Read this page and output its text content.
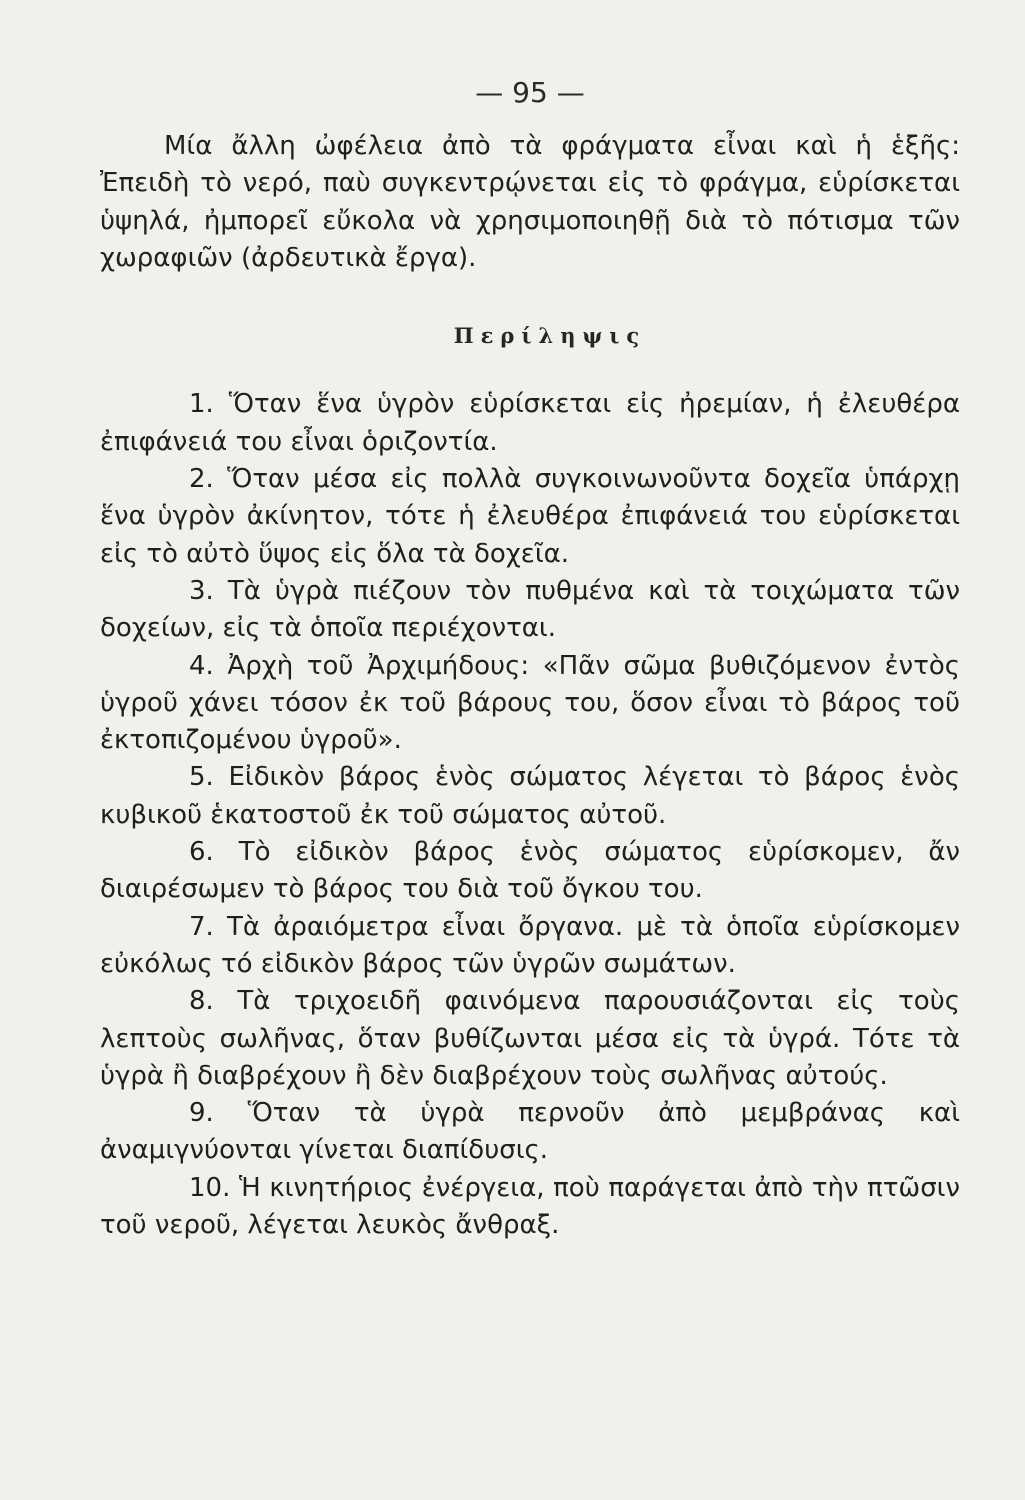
— 95 —

Μία ἄλλη ὠφέλεια ἀπὸ τὰ φράγματα εἶναι καὶ ἡ ἑξῆς: Ἐπειδὴ τὸ νερό, παὺ συγκεντρῴνεται εἰς τὸ φράγμα, εὑρίσκεται ὑψηλά, ἠμπορεῖ εὔκολα νὰ χρησιμοποιηθῇ διὰ τὸ πότισμα τῶν χωραφιῶν (ἀρδευτικὰ ἔργα).

Περίληψις

1. Ὅταν ἕνα ὑγρὸν εὑρίσκεται εἰς ἠρεμίαν, ἡ ἐλευθέρα ἐπιφάνειά του εἶναι ὁριζοντία.

2. Ὅταν μέσα εἰς πολλὰ συγκοινωνοῦντα δοχεῖα ὑπάρχῃ ἕνα ὑγρὸν ἀκίνητον, τότε ἡ ἐλευθέρα ἐπιφάνειά του εὑρίσκεται εἰς τὸ αὐτὸ ὕψος εἰς ὅλα τὰ δοχεῖα.

3. Τὰ ὑγρὰ πιέζουν τὸν πυθμένα καὶ τὰ τοιχώματα τῶν δοχείων, εἰς τὰ ὁποῖα περιέχονται.

4. Ἀρχὴ τοῦ Ἀρχιμήδους: «Πᾶν σῶμα βυθιζόμενον ἐντὸς ὑγροῦ χάνει τόσον ἐκ τοῦ βάρους του, ὅσον εἶναι τὸ βάρος τοῦ ἐκτοπιζομένου ὑγροῦ».

5. Εἰδικὸν βάρος ἑνὸς σώματος λέγεται τὸ βάρος ἑνὸς κυβικοῦ ἑκατοστοῦ ἐκ τοῦ σώματος αὐτοῦ.

6. Τὸ εἰδικὸν βάρος ἑνὸς σώματος εὑρίσκομεν, ἄν διαιρέσωμεν τὸ βάρος του διὰ τοῦ ὄγκου του.

7. Τὰ ἀραιόμετρα εἶναι ὄργανα. μὲ τὰ ὁποῖα εὑρίσκομεν εὐκόλως τό εἰδικὸν βάρος τῶν ὑγρῶν σωμάτων.

8. Τὰ τριχοειδῆ φαινόμενα παρουσιάζονται εἰς τοὺς λεπτοὺς σωλῆνας, ὅταν βυθίζωνται μέσα εἰς τὰ ὑγρά. Τότε τὰ ὑγρὰ ἢ διαβρέχουν ἢ δὲν διαβρέχουν τοὺς σωλῆνας αὐτούς.

9. Ὅταν τὰ ὑγρὰ περνοῦν ἀπὸ μεμβράνας καὶ ἀναμιγνύονται γίνεται διαπίδυσις.

10. Ἡ κινητήριος ἐνέργεια, ποὺ παράγεται ἀπὸ τὴν πτῶσιν τοῦ νεροῦ, λέγεται λευκὸς ἄνθραξ.
